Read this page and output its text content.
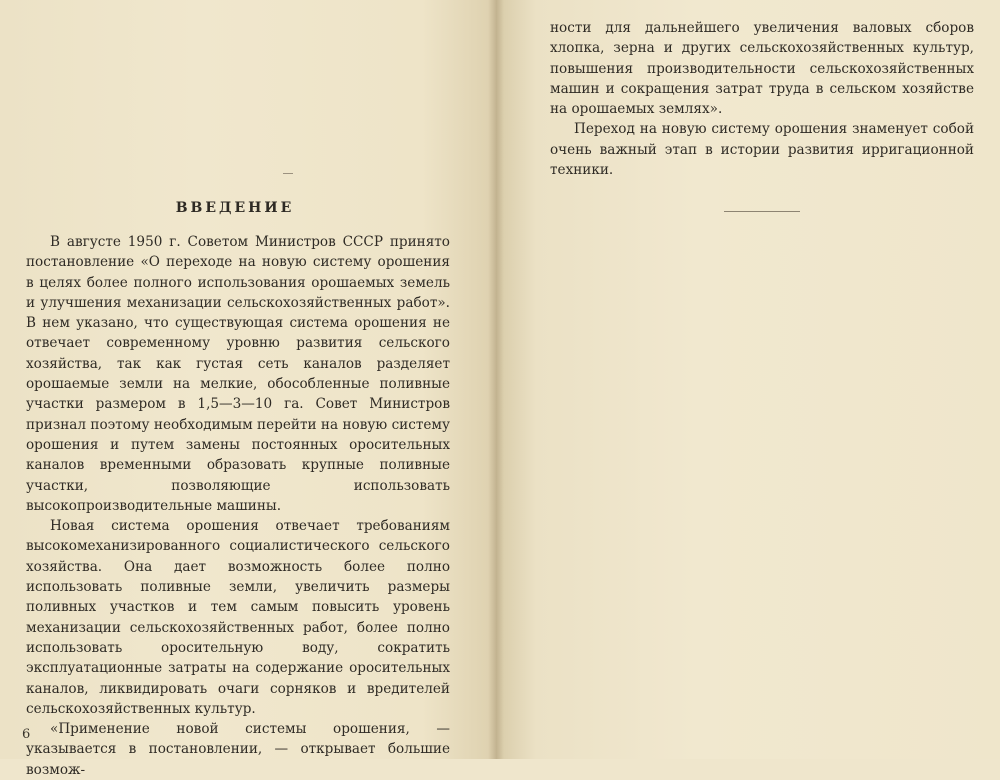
ВВЕДЕНИЕ

В августе 1950 г. Советом Министров СССР принято постановление «О переходе на новую систему орошения в целях более полного использования орошаемых земель и улучшения механизации сельскохозяйственных работ». В нем указано, что существующая система орошения не отвечает современному уровню развития сельского хозяйства, так как густая сеть каналов разделяет орошаемые земли на мелкие, обособленные поливные участки размером в 1,5—3—10 га. Совет Министров признал поэтому необходимым перейти на новую систему орошения и путем замены постоянных оросительных каналов временными образовать крупные поливные участки, позволяющие использовать высокопроизводительные машины.

Новая система орошения отвечает требованиям высокомеханизированного социалистического сельского хозяйства. Она дает возможность более полно использовать поливные земли, увеличить размеры поливных участков и тем самым повысить уровень механизации сельскохозяйственных работ, более полно использовать оросительную воду, сократить эксплуатационные затраты на содержание оросительных каналов, ликвидировать очаги сорняков и вредителей сельскохозяйственных культур.

«Применение новой системы орошения, — указывается в постановлении, — открывает большие возмож-

6

ности для дальнейшего увеличения валовых сборов хлопка, зерна и других сельскохозяйственных культур, повышения производительности сельскохозяйственных машин и сокращения затрат труда в сельском хозяйстве на орошаемых землях».

Переход на новую систему орошения знаменует собой очень важный этап в истории развития ирригационной техники.
